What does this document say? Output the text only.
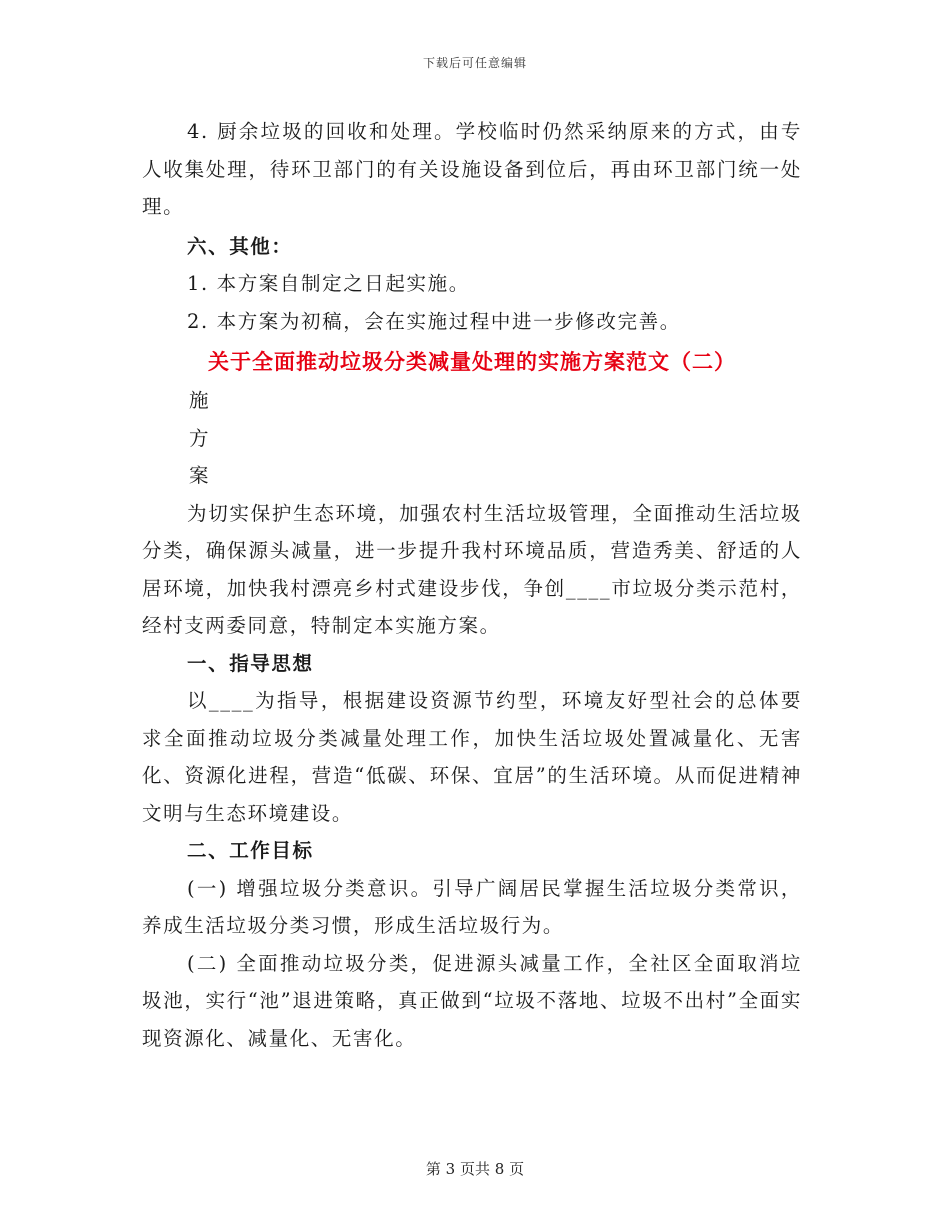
下载后可任意编辑

4. 厨余垃圾的回收和处理。学校临时仍然采纳原来的方式，由专人收集处理，待环卫部门的有关设施设备到位后，再由环卫部门统一处理。

六、其他：

1. 本方案自制定之日起实施。

2. 本方案为初稿，会在实施过程中进一步修改完善。

关于全面推动垃圾分类减量处理的实施方案范文（二）

施

方

案

为切实保护生态环境，加强农村生活垃圾管理，全面推动生活垃圾分类，确保源头减量，进一步提升我村环境品质，营造秀美、舒适的人居环境，加快我村漂亮乡村式建设步伐，争创____市垃圾分类示范村，经村支两委同意，特制定本实施方案。

一、指导思想

以____为指导，根据建设资源节约型，环境友好型社会的总体要求全面推动垃圾分类减量处理工作，加快生活垃圾处置减量化、无害化、资源化进程，营造“低碳、环保、宜居”的生活环境。从而促进精神文明与生态环境建设。

二、工作目标

(一) 增强垃圾分类意识。引导广阔居民掌握生活垃圾分类常识，养成生活垃圾分类习惯，形成生活垃圾行为。

(二) 全面推动垃圾分类，促进源头减量工作，全社区全面取消垃圾池，实行“池”退进策略，真正做到“垃圾不落地、垃圾不出村”全面实现资源化、减量化、无害化。

第 3 页共 8 页
